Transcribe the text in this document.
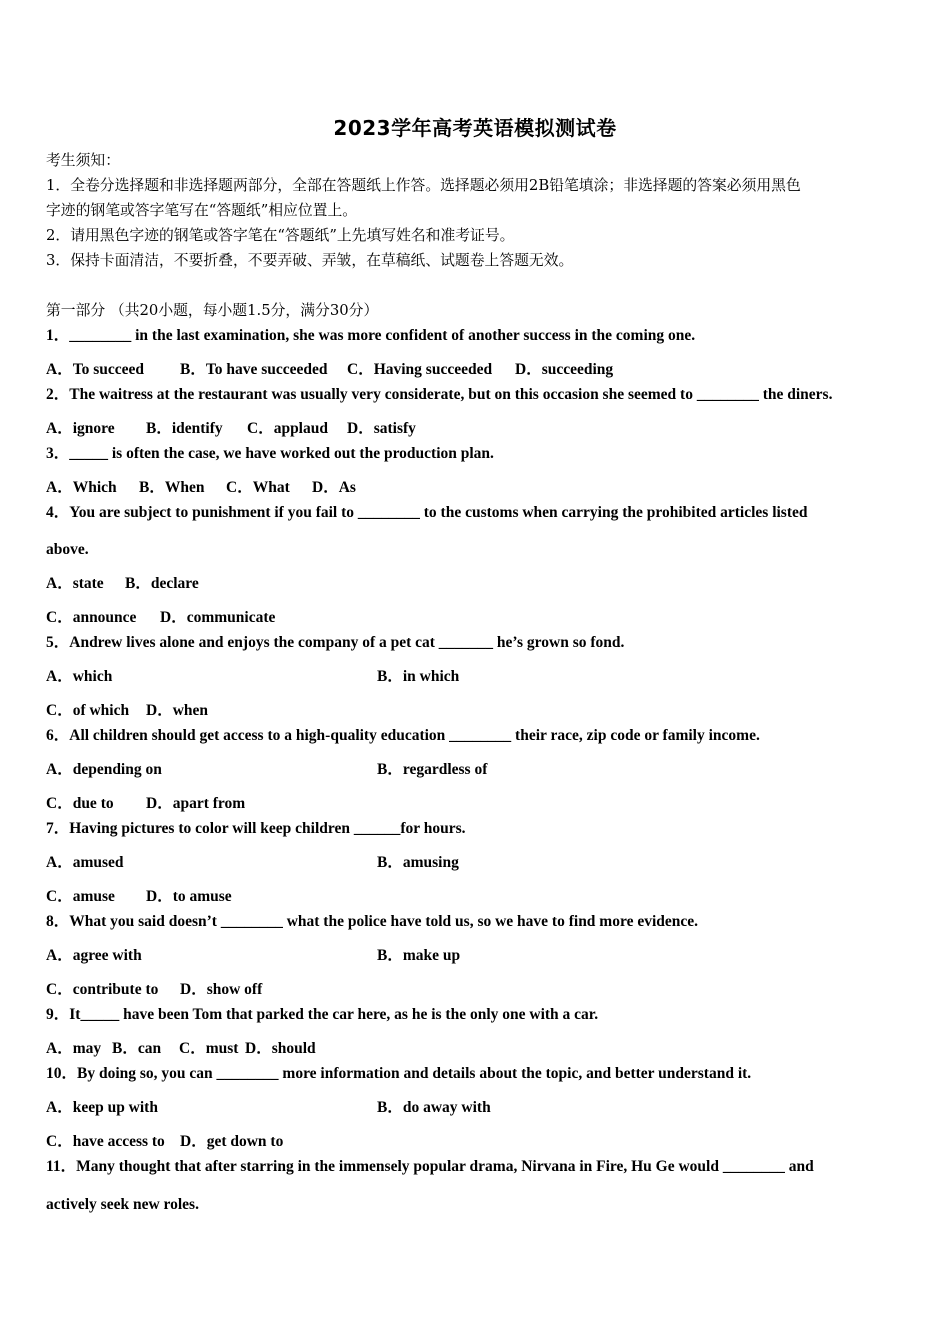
2023学年高考英语模拟测试卷
考生须知：
1．全卷分选择题和非选择题两部分，全部在答题纸上作答。选择题必须用2B铅笔填涂；非选择题的答案必须用黑色
字迹的钢笔或答字笔写在“答题纸”相应位置上。
2．请用黑色字迹的钢笔或答字笔在“答题纸”上先填写姓名和准考证号。
3．保持卡面清洁，不要折叠，不要弄破、弄皱，在草稿纸、试题卷上答题无效。
第一部分 （共20小题，每小题1.5分，满分30分）
1．________ in the last examination, she was more confident of another success in the coming one.
A．To succeed B．To have succeeded C．Having succeeded D．succeeding
2．The waitress at the restaurant was usually very considerate, but on this occasion she seemed to ________ the diners.
A．ignore B．identify C．applaud D．satisfy
3．_____ is often the case, we have worked out the production plan.
A．Which B．When C．What D．As
4．You are subject to punishment if you fail to ________ to the customs when carrying the prohibited articles listed
above.
A．state B．declare
C．announce D．communicate
5．Andrew lives alone and enjoys the company of a pet cat _______ he’s grown so fond.
A．which	B．in which
C．of which D．when
6．All children should get access to a high-quality education ________ their race, zip code or family income.
A．depending on	B．regardless of
C．due to D．apart from
7．Having pictures to color will keep children ______for hours.
A．amused	B．amusing
C．amuse D．to amuse
8．What you said doesn’t ________ what the police have told us, so we have to find more evidence.
A．agree with	B．make up
C．contribute to D．show off
9．It_____ have been Tom that parked the car here, as he is the only one with a car.
A．may B．can C．must D．should
10．By doing so, you can ________ more information and details about the topic, and better understand it.
A．keep up with	B．do away with
C．have access to D．get down to
11．Many thought that after starring in the immensely popular drama, Nirvana in Fire, Hu Ge would ________ and
actively seek new roles.
